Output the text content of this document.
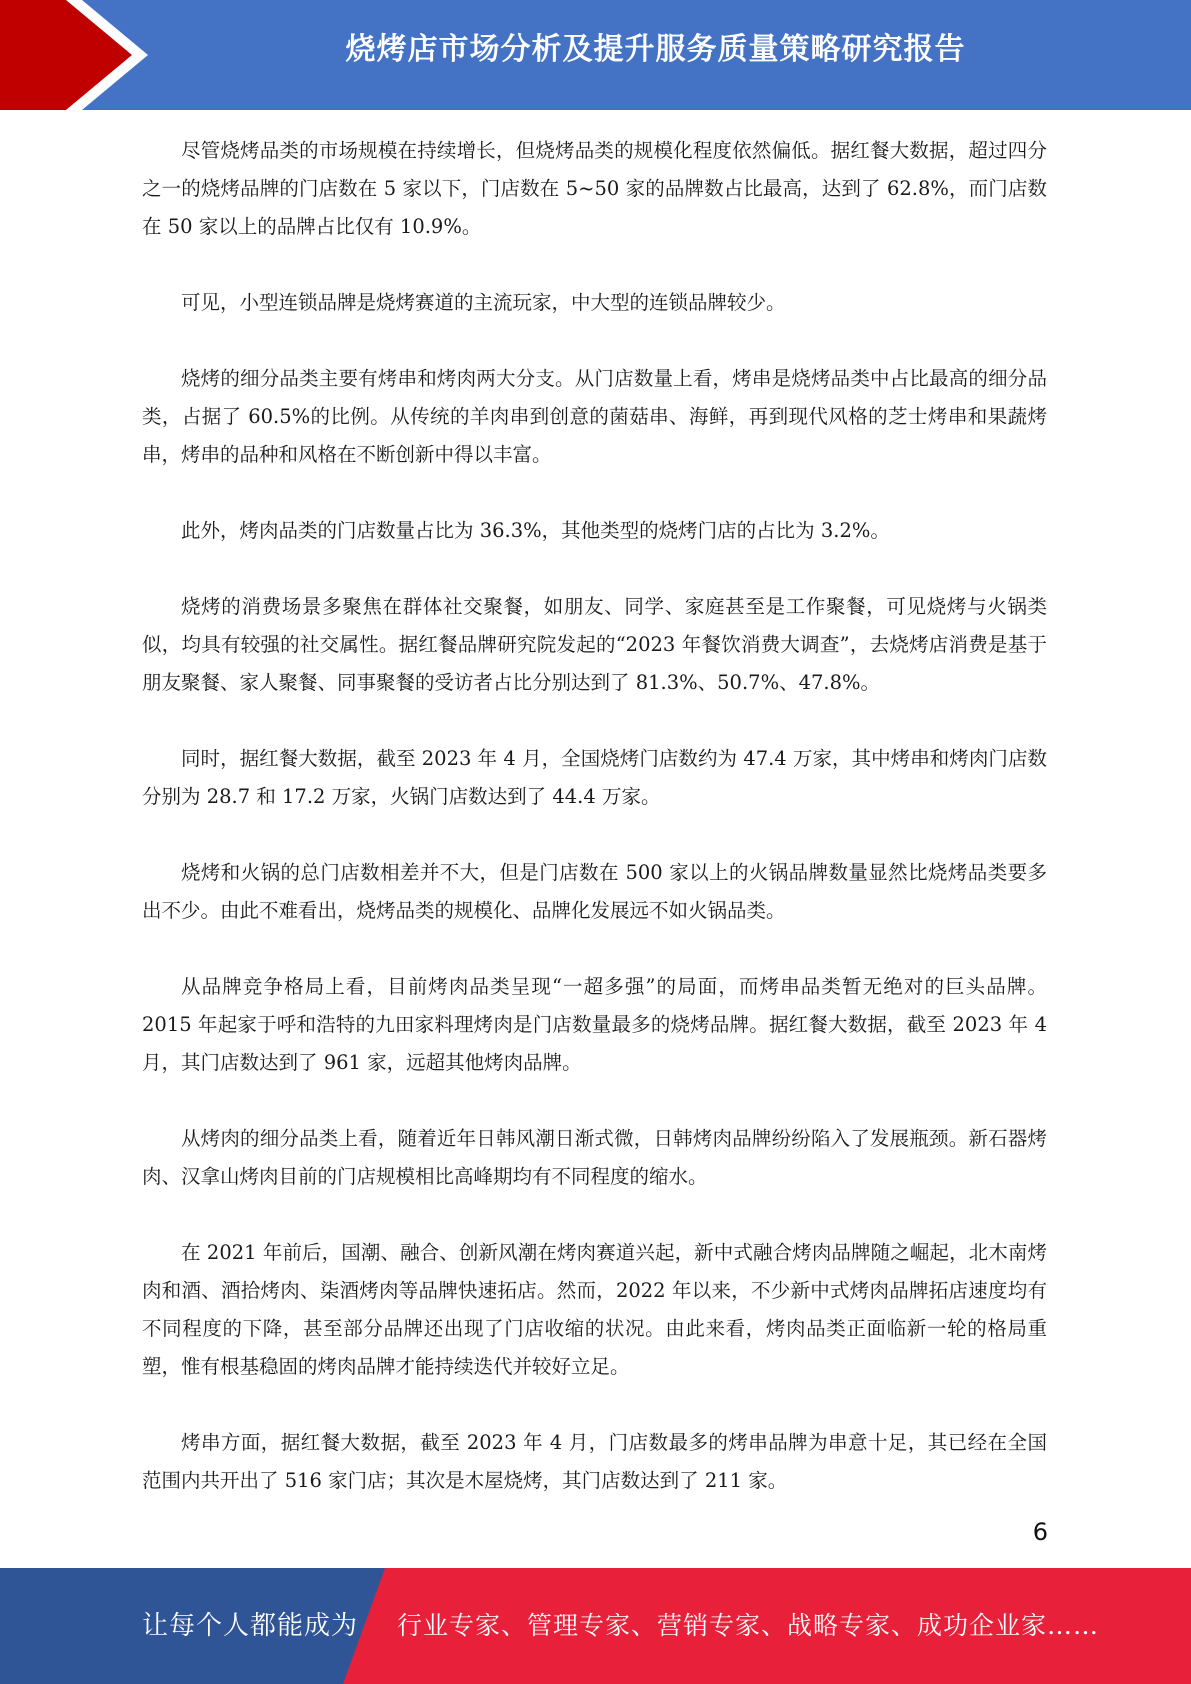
烧烤店市场分析及提升服务质量策略研究报告

尽管烧烤品类的市场规模在持续增长，但烧烤品类的规模化程度依然偏低。据红餐大数据，超过四分之一的烧烤品牌的门店数在 5 家以下，门店数在 5~50 家的品牌数占比最高，达到了 62.8%，而门店数在 50 家以上的品牌占比仅有 10.9%。

可见，小型连锁品牌是烧烤赛道的主流玩家，中大型的连锁品牌较少。

烧烤的细分品类主要有烤串和烤肉两大分支。从门店数量上看，烤串是烧烤品类中占比最高的细分品类，占据了 60.5%的比例。从传统的羊肉串到创意的菌菇串、海鲜，再到现代风格的芝士烤串和果蔬烤串，烤串的品种和风格在不断创新中得以丰富。

此外，烤肉品类的门店数量占比为 36.3%，其他类型的烧烤门店的占比为 3.2%。

烧烤的消费场景多聚焦在群体社交聚餐，如朋友、同学、家庭甚至是工作聚餐，可见烧烤与火锅类似，均具有较强的社交属性。据红餐品牌研究院发起的“2023 年餐饮消费大调查”，去烧烤店消费是基于朋友聚餐、家人聚餐、同事聚餐的受访者占比分别达到了 81.3%、50.7%、47.8%。

同时，据红餐大数据，截至 2023 年 4 月，全国烧烤门店数约为 47.4 万家，其中烤串和烤肉门店数分别为 28.7 和 17.2 万家，火锅门店数达到了 44.4 万家。

烧烤和火锅的总门店数相差并不大，但是门店数在 500 家以上的火锅品牌数量显然比烧烤品类要多出不少。由此不难看出，烧烤品类的规模化、品牌化发展远不如火锅品类。

从品牌竞争格局上看，目前烤肉品类呈现“一超多强”的局面，而烤串品类暂无绝对的巨头品牌。2015 年起家于呼和浩特的九田家料理烤肉是门店数量最多的烧烤品牌。据红餐大数据，截至 2023 年 4 月，其门店数达到了 961 家，远超其他烤肉品牌。

从烤肉的细分品类上看，随着近年日韩风潮日渐式微，日韩烤肉品牌纷纷陷入了发展瓶颈。新石器烤肉、汉拿山烤肉目前的门店规模相比高峰期均有不同程度的缩水。

在 2021 年前后，国潮、融合、创新风潮在烤肉赛道兴起，新中式融合烤肉品牌随之崛起，北木南烤肉和酒、酒拾烤肉、柒酒烤肉等品牌快速拓店。然而，2022 年以来，不少新中式烤肉品牌拓店速度均有不同程度的下降，甚至部分品牌还出现了门店收缩的状况。由此来看，烤肉品类正面临新一轮的格局重塑，惟有根基稳固的烤肉品牌才能持续迭代并较好立足。

烤串方面，据红餐大数据，截至 2023 年 4 月，门店数最多的烤串品牌为串意十足，其已经在全国范围内共开出了 516 家门店；其次是木屋烧烤，其门店数达到了 211 家。

6
让每个人都能成为 行业专家、管理专家、营销专家、战略专家、成功企业家……
